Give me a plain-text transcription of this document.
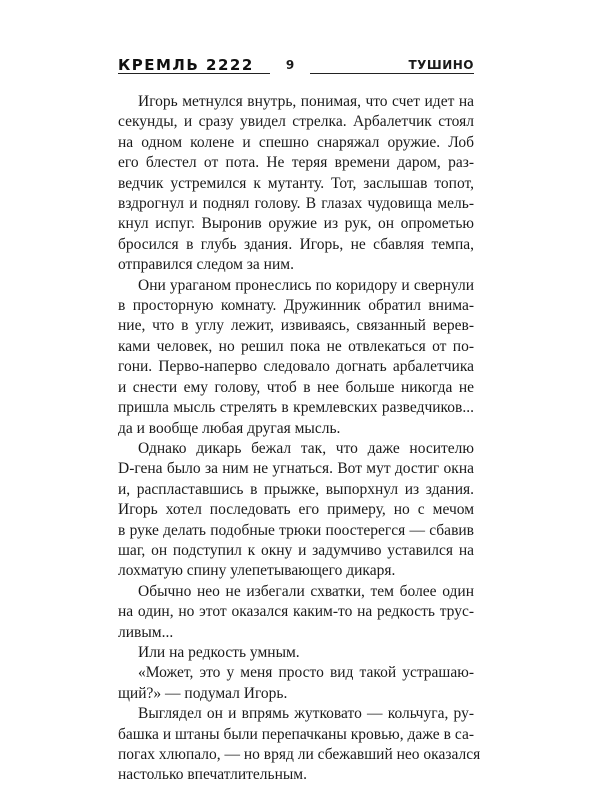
КРЕМЛЬ 2222	9	ТУШИНО
Игорь метнулся внутрь, понимая, что счет идет на
секунды, и сразу увидел стрелка. Арбалетчик стоял
на одном колене и спешно снаряжал оружие. Лоб
его блестел от пота. Не теряя времени даром, раз-
ведчик устремился к мутанту. Тот, заслышав топот,
вздрогнул и поднял голову. В глазах чудовища мель-
кнул испуг. Выронив оружие из рук, он опрометью
бросился в глубь здания. Игорь, не сбавляя темпа,
отправился следом за ним.
Они ураганом пронеслись по коридору и свернули
в просторную комнату. Дружинник обратил внима-
ние, что в углу лежит, извиваясь, связанный верев-
ками человек, но решил пока не отвлекаться от по-
гони. Перво-наперво следовало догнать арбалетчика
и снести ему голову, чтоб в нее больше никогда не
пришла мысль стрелять в кремлевских разведчиков...
да и вообще любая другая мысль.
Однако дикарь бежал так, что даже носителю
D-гена было за ним не угнаться. Вот мут достиг окна
и, распластавшись в прыжке, выпорхнул из здания.
Игорь хотел последовать его примеру, но с мечом
в руке делать подобные трюки поостерегся — сбавив
шаг, он подступил к окну и задумчиво уставился на
лохматую спину улепетывающего дикаря.
Обычно нео не избегали схватки, тем более один
на один, но этот оказался каким-то на редкость трус-
ливым...
Или на редкость умным.
«Может, это у меня просто вид такой устрашаю-
щий?» — подумал Игорь.
Выглядел он и впрямь жутковато — кольчуга, ру-
башка и штаны были перепачканы кровью, даже в са-
погах хлюпало, — но вряд ли сбежавший нео оказался
настолько впечатлительным.
